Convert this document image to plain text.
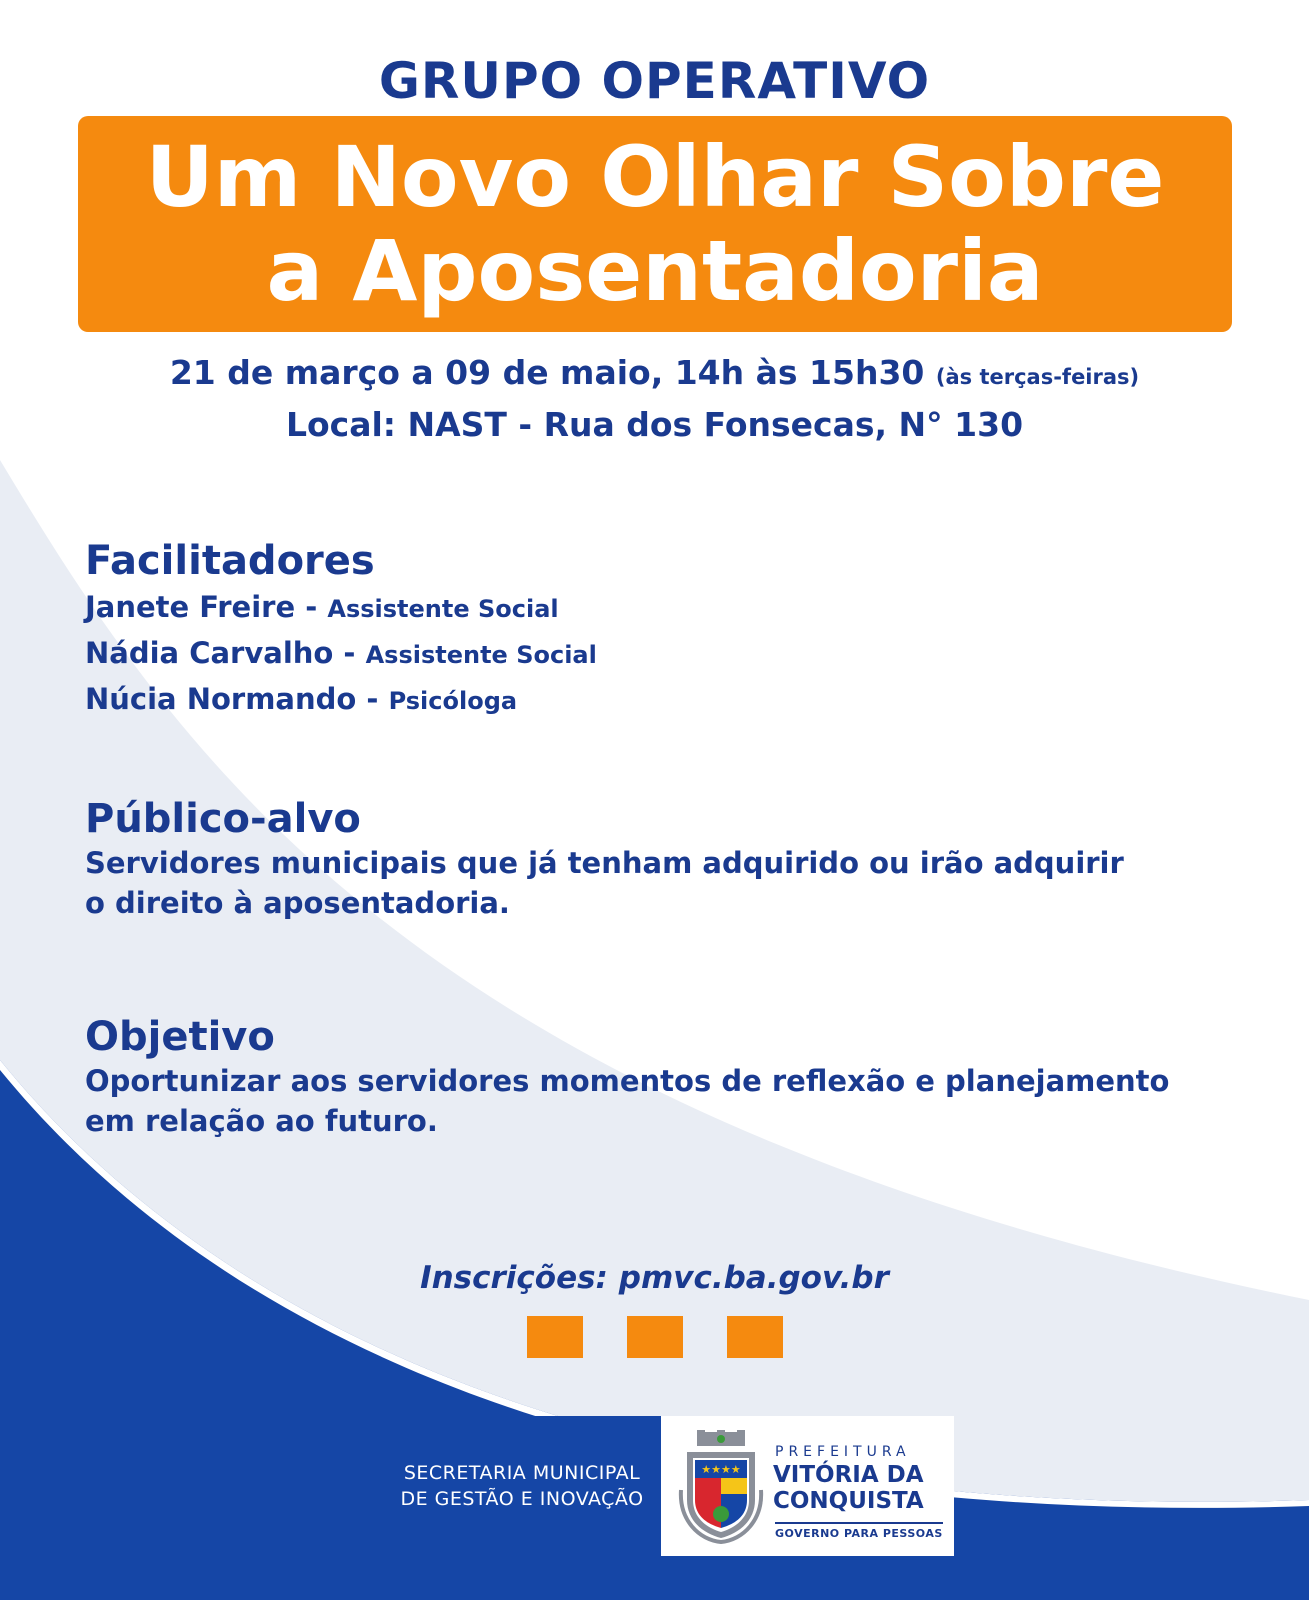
GRUPO OPERATIVO
Um Novo Olhar Sobre
a Aposentadoria
21 de março a 09 de maio, 14h às 15h30 (às terças-feiras)
Local: NAST - Rua dos Fonsecas, N° 130
Facilitadores
Janete Freire - Assistente Social
Nádia Carvalho - Assistente Social
Núcia Normando - Psicóloga
Público-alvo
Servidores municipais que já tenham adquirido ou irão adquirir
o direito à aposentadoria.
Objetivo
Oportunizar aos servidores momentos de reflexão e planejamento
em relação ao futuro.
Inscrições: pmvc.ba.gov.br
SECRETARIA MUNICIPAL
DE GESTÃO E INOVAÇÃO
★★★★
PREFEITURA
VITÓRIA DA
CONQUISTA
GOVERNO PARA PESSOAS
